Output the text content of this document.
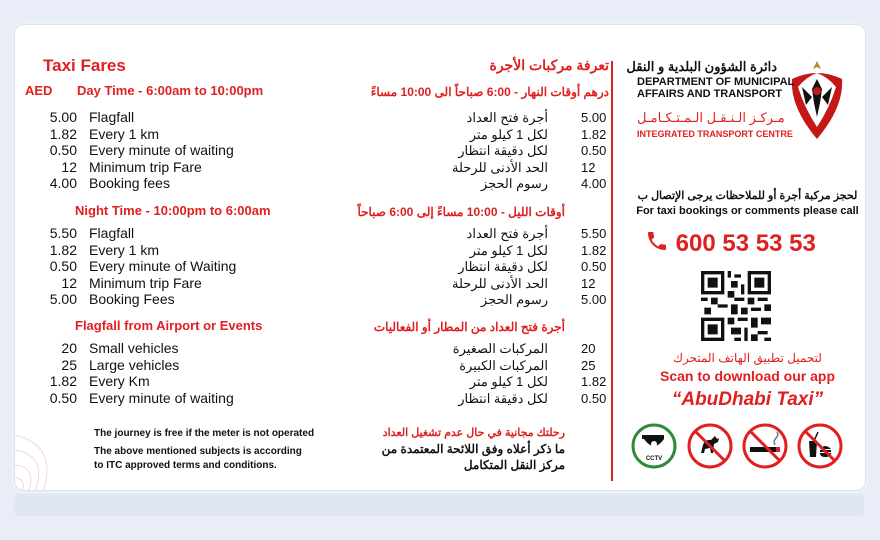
Taxi Fares	تعرفة مركبات الأجرة
AED Day Time - 6:00am to 10:00pm	درهم أوقات النهار - 6:00 صباحاً الى 10:00 مساءً
5.00 Flagfall	أجرة فتح العداد	5.00
1.82 Every 1 km	لكل 1 كيلو متر	1.82
0.50 Every minute of waiting	لكل دقيقة انتظار	0.50
12 Minimum trip Fare	الحد الأدنى للرحلة	12
4.00 Booking fees	رسوم الحجز	4.00
Night Time - 10:00pm to 6:00am	أوقات الليل - 10:00 مساءً إلى 6:00 صباحاً
5.50 Flagfall	أجرة فتح العداد	5.50
1.82 Every 1 km	لكل 1 كيلو متر	1.82
0.50 Every minute of Waiting	لكل دقيقة انتظار	0.50
12 Minimum trip Fare	الحد الأدنى للرحلة	12
5.00 Booking Fees	رسوم الحجز	5.00
Flagfall from Airport or Events	أجرة فتح العداد من المطار أو الفعاليات
20 Small vehicles	المركبات الصغيرة	20
25 Large vehicles	المركبات الكبيرة	25
1.82 Every Km	لكل 1 كيلو متر	1.82
0.50 Every minute of waiting	لكل دقيقة انتظار	0.50
The journey is free if the meter is not operated
The above mentioned subjects is according
to ITC approved terms and conditions.
رحلتك مجانية في حال عدم تشغيل العداد
ما ذكر أعلاه وفق اللائحة المعتمدة من
مركز النقل المتكامل
دائرة الشؤون البلدية و النقل
DEPARTMENT OF MUNICIPAL
AFFAIRS AND TRANSPORT
مـركـز الـنـقـل الـمـتـكـامـل
INTEGRATED TRANSPORT CENTRE
لحجز مركبة أجرة أو للملاحظات يرجى الإتصال ب
For taxi bookings or comments please call
600 53 53 53
لتحميل تطبيق الهاتف المتحرك
Scan to download our app
“AbuDhabi Taxi”
CCTV
